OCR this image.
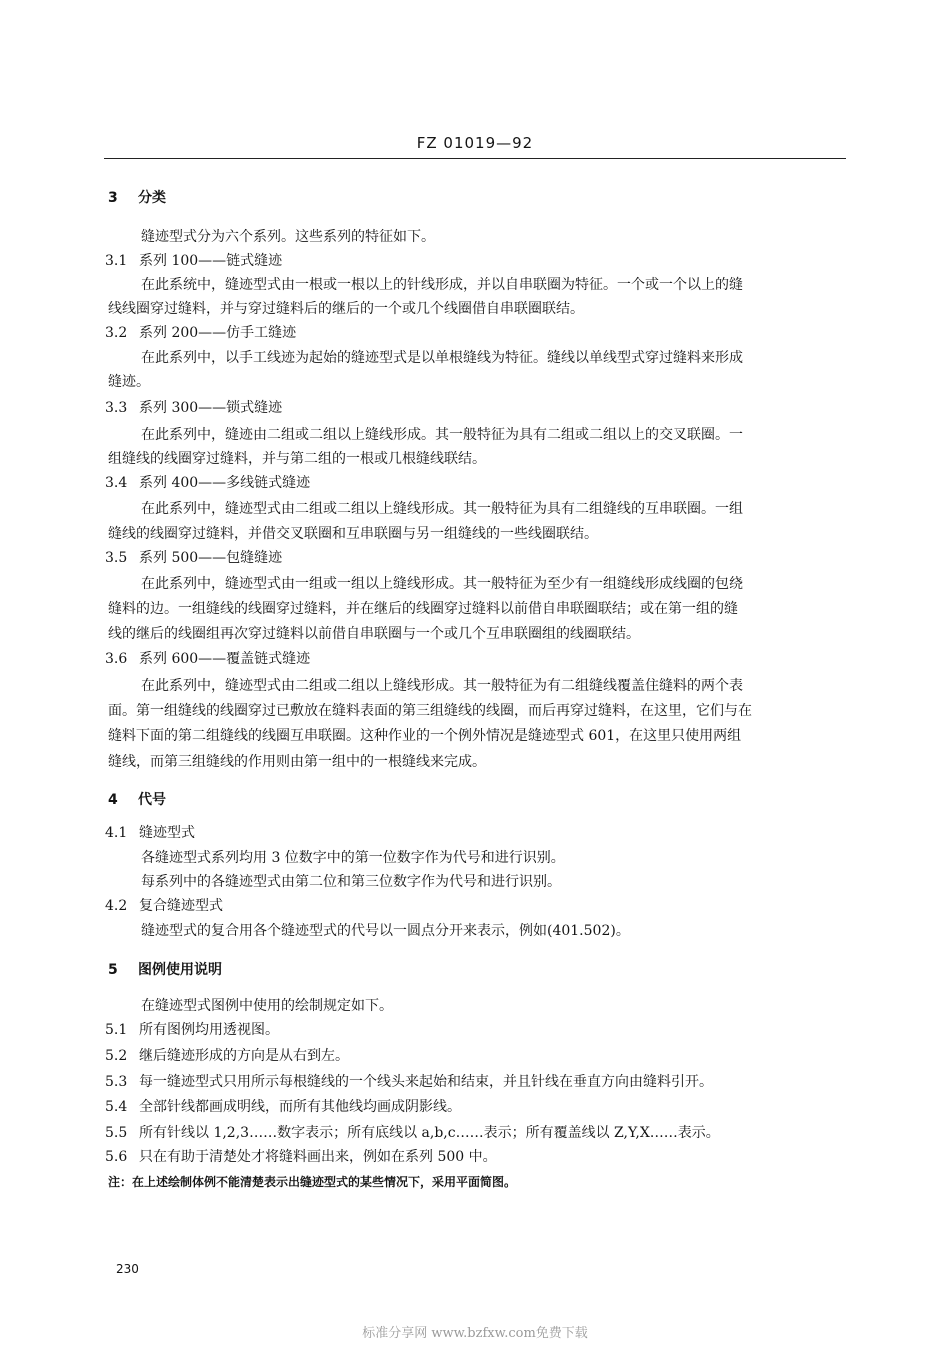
FZ 01019—92
3 分类
缝迹型式分为六个系列。这些系列的特征如下。
3.1 系列 100——链式缝迹
在此系统中，缝迹型式由一根或一根以上的针线形成，并以自串联圈为特征。一个或一个以上的缝
线线圈穿过缝料，并与穿过缝料后的继后的一个或几个线圈借自串联圈联结。
3.2 系列 200——仿手工缝迹
在此系列中，以手工线迹为起始的缝迹型式是以单根缝线为特征。缝线以单线型式穿过缝料来形成
缝迹。
3.3 系列 300——锁式缝迹
在此系列中，缝迹由二组或二组以上缝线形成。其一般特征为具有二组或二组以上的交叉联圈。一
组缝线的线圈穿过缝料，并与第二组的一根或几根缝线联结。
3.4 系列 400——多线链式缝迹
在此系列中，缝迹型式由二组或二组以上缝线形成。其一般特征为具有二组缝线的互串联圈。一组
缝线的线圈穿过缝料，并借交叉联圈和互串联圈与另一组缝线的一些线圈联结。
3.5 系列 500——包缝缝迹
在此系列中，缝迹型式由一组或一组以上缝线形成。其一般特征为至少有一组缝线形成线圈的包绕
缝料的边。一组缝线的线圈穿过缝料，并在继后的线圈穿过缝料以前借自串联圈联结；或在第一组的缝
线的继后的线圈组再次穿过缝料以前借自串联圈与一个或几个互串联圈组的线圈联结。
3.6 系列 600——覆盖链式缝迹
在此系列中，缝迹型式由二组或二组以上缝线形成。其一般特征为有二组缝线覆盖住缝料的两个表
面。第一组缝线的线圈穿过已敷放在缝料表面的第三组缝线的线圈，而后再穿过缝料，在这里，它们与在
缝料下面的第二组缝线的线圈互串联圈。这种作业的一个例外情况是缝迹型式 601，在这里只使用两组
缝线，而第三组缝线的作用则由第一组中的一根缝线来完成。
4 代号
4.1 缝迹型式
各缝迹型式系列均用 3 位数字中的第一位数字作为代号和进行识别。
每系列中的各缝迹型式由第二位和第三位数字作为代号和进行识别。
4.2 复合缝迹型式
缝迹型式的复合用各个缝迹型式的代号以一圆点分开来表示，例如(401.502)。
5 图例使用说明
在缝迹型式图例中使用的绘制规定如下。
5.1 所有图例均用透视图。
5.2 继后缝迹形成的方向是从右到左。
5.3 每一缝迹型式只用所示每根缝线的一个线头来起始和结束，并且针线在垂直方向由缝料引开。
5.4 全部针线都画成明线，而所有其他线均画成阴影线。
5.5 所有针线以 1,2,3……数字表示；所有底线以 a,b,c……表示；所有覆盖线以 Z,Y,X……表示。
5.6 只在有助于清楚处才将缝料画出来，例如在系列 500 中。
注：在上述绘制体例不能清楚表示出缝迹型式的某些情况下，采用平面简图。
230
标准分享网 www.bzfxw.com免费下载
